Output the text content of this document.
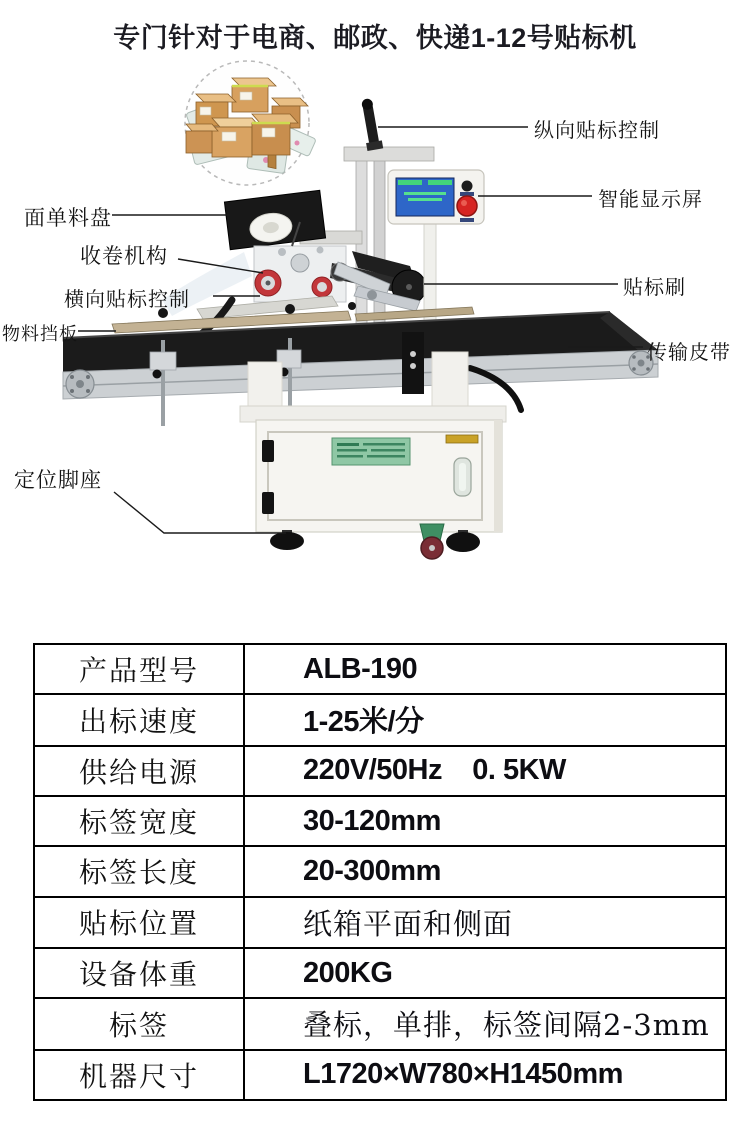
专门针对于电商、邮政、快递1-12号贴标机
纵向贴标控制
智能显示屏
贴标刷
传输皮带
面单料盘
收卷机构
横向贴标控制
物料挡板
定位脚座
产品型号	ALB-190
出标速度	1-25米/分
供给电源	220V/50Hz    0. 5KW
标签宽度	30-120mm
标签长度	20-300mm
贴标位置	纸箱平面和侧面
设备体重	200KG
标签	叠标，单排，标签间隔2-3mm
机器尺寸	L1720×W780×H1450mm
